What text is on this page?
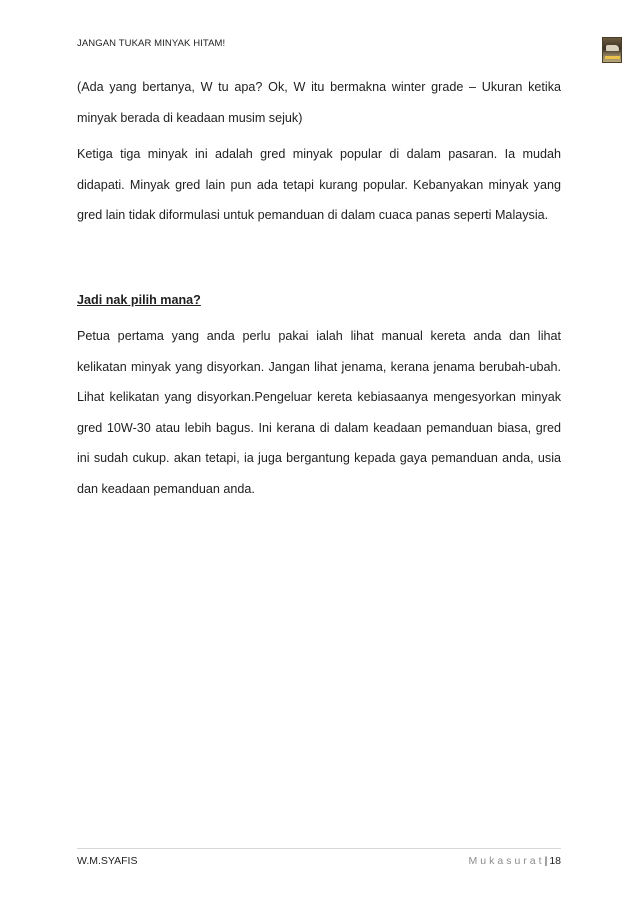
JANGAN TUKAR MINYAK HITAM!

(Ada yang bertanya, W tu apa? Ok, W itu bermakna winter grade – Ukuran ketika minyak berada di keadaan musim sejuk)

Ketiga tiga minyak ini adalah gred minyak popular di dalam pasaran. Ia mudah didapati. Minyak gred lain pun ada tetapi kurang popular. Kebanyakan minyak yang gred lain tidak diformulasi untuk pemanduan di dalam cuaca panas seperti Malaysia.

Jadi nak pilih mana?

Petua pertama yang anda perlu pakai ialah lihat manual kereta anda dan lihat kelikatan minyak yang disyorkan. Jangan lihat jenama, kerana jenama berubah-ubah. Lihat kelikatan yang disyorkan.Pengeluar kereta kebiasaanya mengesyorkan minyak gred 10W-30 atau lebih bagus. Ini kerana di dalam keadaan pemanduan biasa, gred ini sudah cukup. akan tetapi, ia juga bergantung kepada gaya pemanduan anda, usia dan keadaan pemanduan anda.

W.M.SYAFIS	Mukasurat| 18
